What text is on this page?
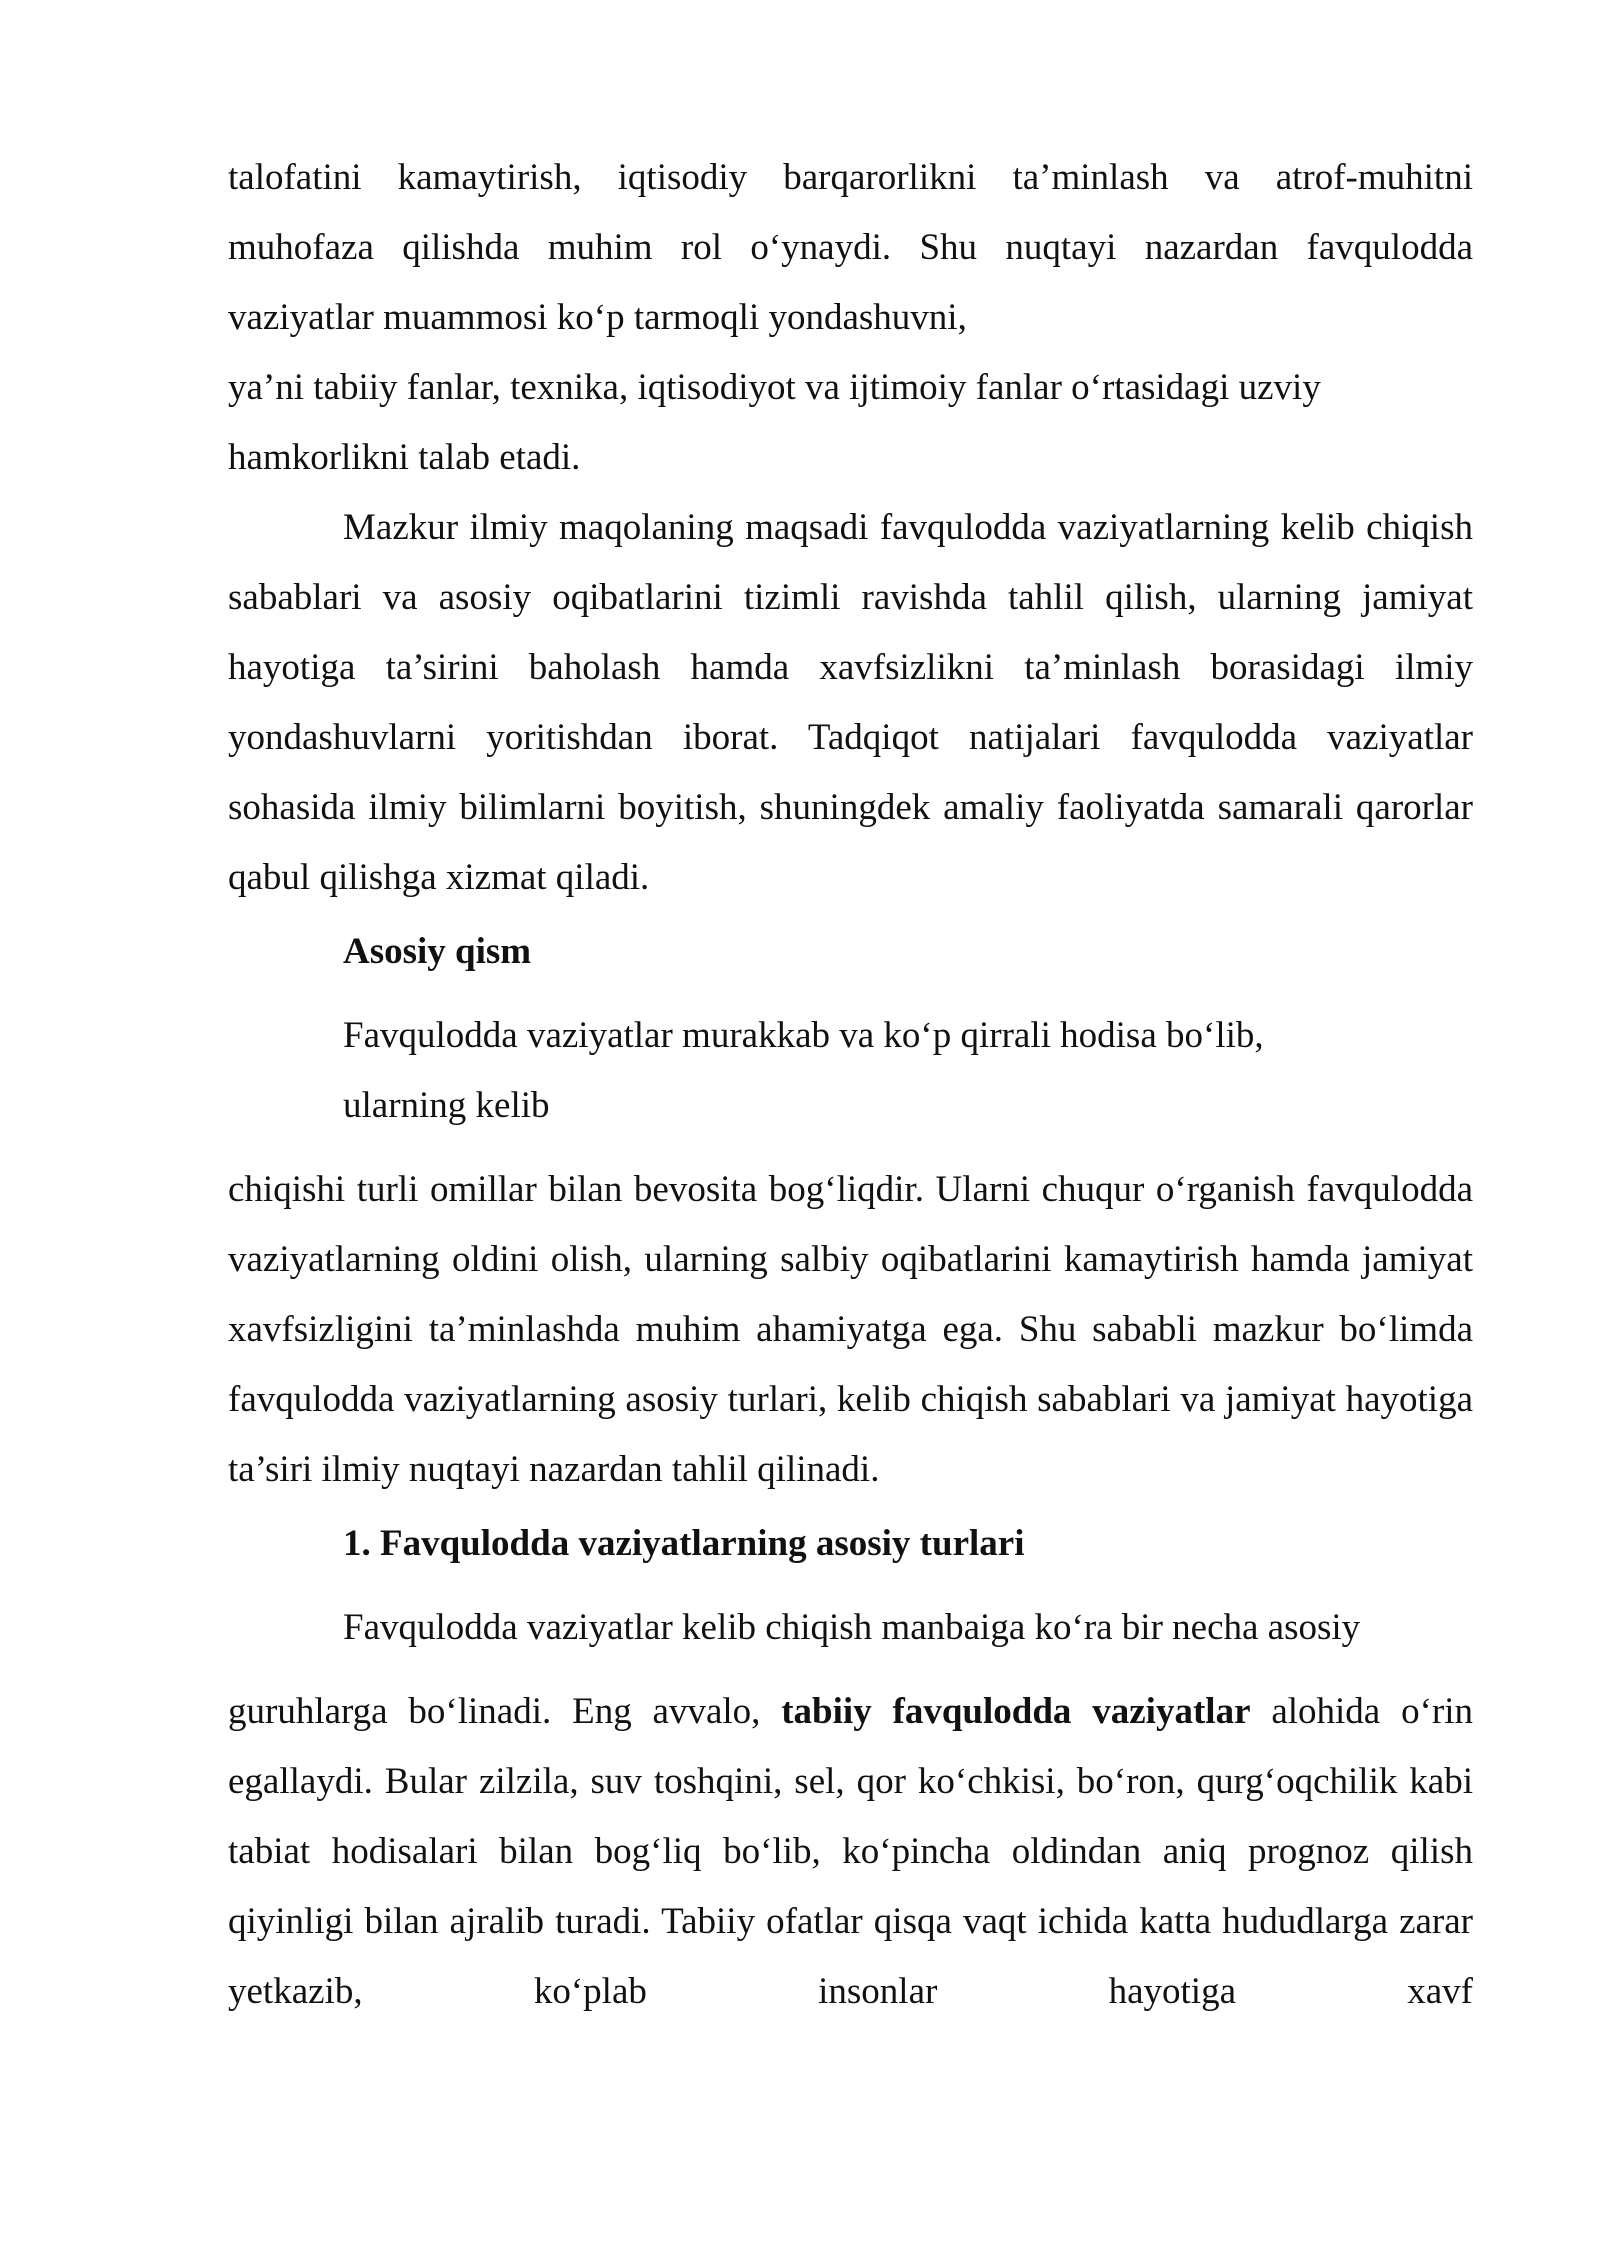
talofatini kamaytirish, iqtisodiy barqarorlikni ta’minlash va atrof-muhitni
muhofaza qilishda muhim rol o‘ynaydi. Shu nuqtayi nazardan favqulodda
vaziyatlar muammosi ko‘p tarmoqli yondashuvni,
ya’ni tabiiy fanlar, texnika, iqtisodiyot va ijtimoiy fanlar o‘rtasidagi uzviy
hamkorlikni talab etadi.

Mazkur ilmiy maqolaning maqsadi favqulodda vaziyatlarning kelib chiqish sabablari va asosiy oqibatlarini tizimli ravishda tahlil qilish, ularning jamiyat hayotiga ta’sirini baholash hamda xavfsizlikni ta’minlash borasidagi ilmiy yondashuvlarni yoritishdan iborat. Tadqiqot natijalari favqulodda vaziyatlar sohasida ilmiy bilimlarni boyitish, shuningdek amaliy faoliyatda samarali qarorlar qabul qilishga xizmat qiladi.

Asosiy qism
Favqulodda vaziyatlar murakkab va ko‘p qirrali hodisa bo‘lib,
ularning kelib

chiqishi turli omillar bilan bevosita bog‘liqdir. Ularni chuqur o‘rganish favqulodda vaziyatlarning oldini olish, ularning salbiy oqibatlarini kamaytirish hamda jamiyat xavfsizligini ta’minlashda muhim ahamiyatga ega. Shu sababli mazkur bo‘limda favqulodda vaziyatlarning asosiy turlari, kelib chiqish sabablari va jamiyat hayotiga ta’siri ilmiy nuqtayi nazardan tahlil qilinadi.

1. Favqulodda vaziyatlarning asosiy turlari
Favqulodda vaziyatlar kelib chiqish manbaiga ko‘ra bir necha asosiy

guruhlarga bo‘linadi. Eng avvalo, tabiiy favqulodda vaziyatlar alohida o‘rin egallaydi. Bular zilzila, suv toshqini, sel, qor ko‘chkisi, bo‘ron, qurg‘oqchilik kabi tabiat hodisalari bilan bog‘liq bo‘lib, ko‘pincha oldindan aniq prognoz qilish qiyinligi bilan ajralib turadi. Tabiiy ofatlar qisqa vaqt ichida katta hududlarga zarar yetkazib, ko‘plab insonlar hayotiga xavf
